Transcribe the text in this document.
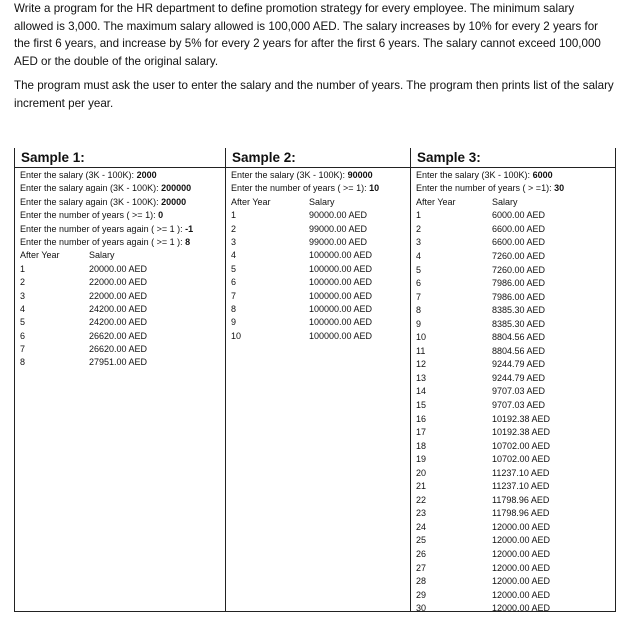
Write a program for the HR department to define promotion strategy for every employee. The minimum salary allowed is 3,000. The maximum salary allowed is 100,000 AED. The salary increases by 10% for every 2 years for the first 6 years, and increase by 5% for every 2 years for after the first 6 years. The salary cannot exceed 100,000 AED or the double of the original salary.

The program must ask the user to enter the salary and the number of years. The program then prints list of the salary increment per year.

Sample 1:
Enter the salary (3K - 100K): 2000
Enter the salary again (3K - 100K): 200000
Enter the salary again (3K - 100K): 20000
Enter the number of years ( >= 1): 0
Enter the number of years again ( >= 1 ): -1
Enter the number of years again ( >= 1 ): 8
After Year	Salary
1	20000.00 AED
2	22000.00 AED
3	22000.00 AED
4	24200.00 AED
5	24200.00 AED
6	26620.00 AED
7	26620.00 AED
8	27951.00 AED
Sample 2:
Enter the salary (3K - 100K): 90000
Enter the number of years ( >= 1): 10
After Year	Salary
1	90000.00 AED
2	99000.00 AED
3	99000.00 AED
4	100000.00 AED
5	100000.00 AED
6	100000.00 AED
7	100000.00 AED
8	100000.00 AED
9	100000.00 AED
10	100000.00 AED
Sample 3:
Enter the salary (3K - 100K): 6000
Enter the number of years ( > =1): 30
After Year	Salary
1	6000.00 AED
2	6600.00 AED
3	6600.00 AED
4	7260.00 AED
5	7260.00 AED
6	7986.00 AED
7	7986.00 AED
8	8385.30 AED
9	8385.30 AED
10	8804.56 AED
11	8804.56 AED
12	9244.79 AED
13	9244.79 AED
14	9707.03 AED
15	9707.03 AED
16	10192.38 AED
17	10192.38 AED
18	10702.00 AED
19	10702.00 AED
20	11237.10 AED
21	11237.10 AED
22	11798.96 AED
23	11798.96 AED
24	12000.00 AED
25	12000.00 AED
26	12000.00 AED
27	12000.00 AED
28	12000.00 AED
29	12000.00 AED
30	12000.00 AED
